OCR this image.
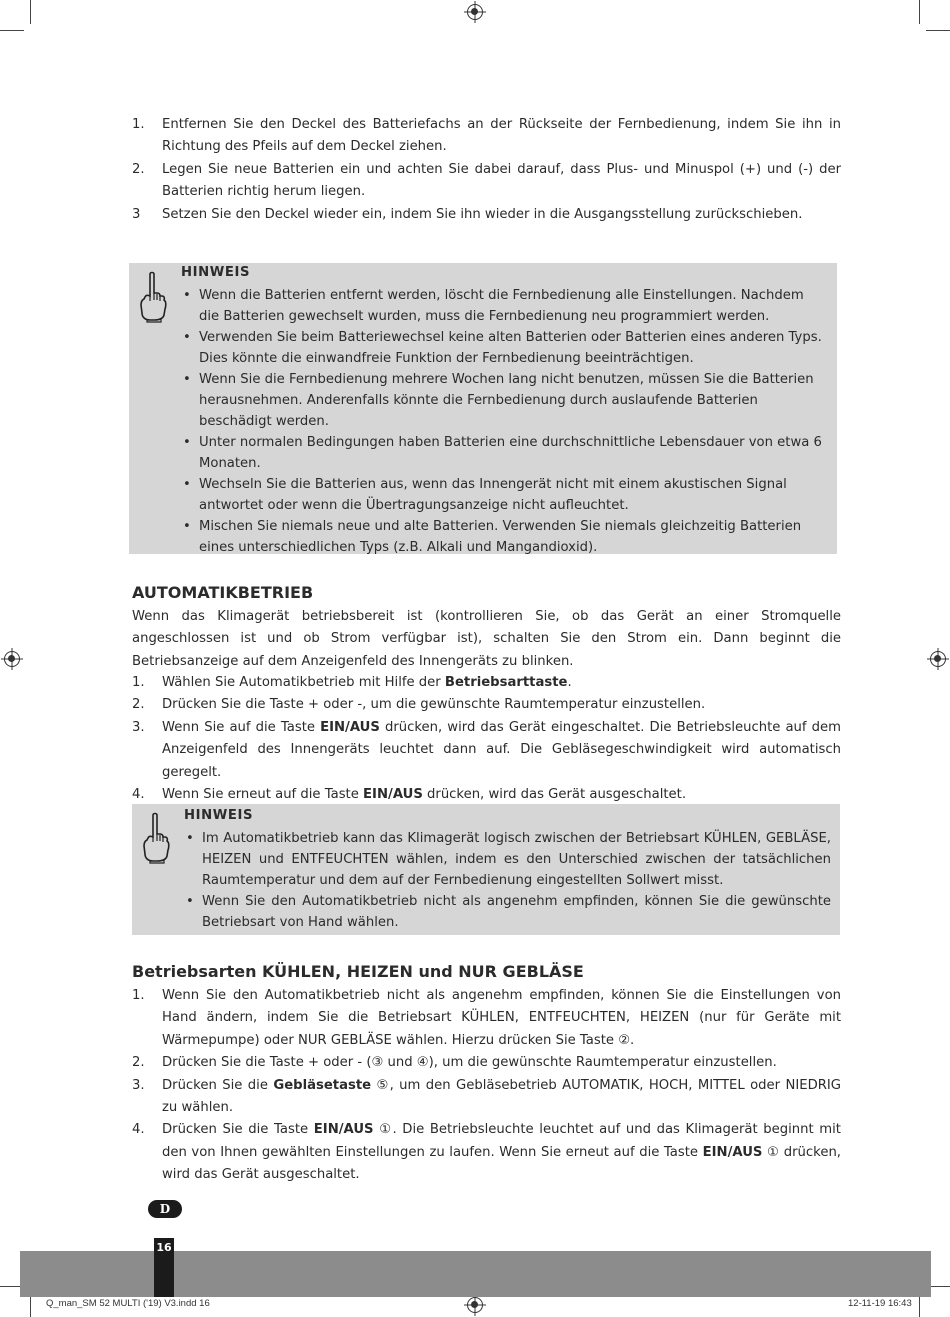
1.	Entfernen Sie den Deckel des Batteriefachs an der Rückseite der Fernbedienung, indem Sie ihn in Richtung des Pfeils auf dem Deckel ziehen.
2.	Legen Sie neue Batterien ein und achten Sie dabei darauf, dass Plus- und Minuspol (+) und (-) der Batterien richtig herum liegen.
3	Setzen Sie den Deckel wieder ein, indem Sie ihn wieder in die Ausgangsstellung zurückschieben.
HINWEIS
• Wenn die Batterien entfernt werden, löscht die Fernbedienung alle Einstellungen. Nachdem die Batterien gewechselt wurden, muss die Fernbedienung neu programmiert werden.
• Verwenden Sie beim Batteriewechsel keine alten Batterien oder Batterien eines anderen Typs. Dies könnte die einwandfreie Funktion der Fernbedienung beeinträchtigen.
• Wenn Sie die Fernbedienung mehrere Wochen lang nicht benutzen, müssen Sie die Batterien herausnehmen. Anderenfalls könnte die Fernbedienung durch auslaufende Batterien beschädigt werden.
• Unter normalen Bedingungen haben Batterien eine durchschnittliche Lebensdauer von etwa 6 Monaten.
• Wechseln Sie die Batterien aus, wenn das Innengerät nicht mit einem akustischen Signal antwortet oder wenn die Übertragungsanzeige nicht aufleuchtet.
• Mischen Sie niemals neue und alte Batterien. Verwenden Sie niemals gleichzeitig Batterien eines unterschiedlichen Typs (z.B. Alkali und Mangandioxid).
AUTOMATIKBETRIEB
Wenn das Klimagerät betriebsbereit ist (kontrollieren Sie, ob das Gerät an einer Stromquelle angeschlossen ist und ob Strom verfügbar ist), schalten Sie den Strom ein. Dann beginnt die Betriebsanzeige auf dem Anzeigenfeld des Innengeräts zu blinken.
1.	Wählen Sie Automatikbetrieb mit Hilfe der Betriebsarttaste.
2.	Drücken Sie die Taste + oder -, um die gewünschte Raumtemperatur einzustellen.
3.	Wenn Sie auf die Taste EIN/AUS drücken, wird das Gerät eingeschaltet. Die Betriebsleuchte auf dem Anzeigenfeld des Innengeräts leuchtet dann auf. Die Gebläsegeschwindigkeit wird automatisch geregelt.
4.	Wenn Sie erneut auf die Taste EIN/AUS drücken, wird das Gerät ausgeschaltet.
HINWEIS
• Im Automatikbetrieb kann das Klimagerät logisch zwischen der Betriebsart KÜHLEN, GEBLÄSE, HEIZEN und ENTFEUCHTEN wählen, indem es den Unterschied zwischen der tatsächlichen Raumtemperatur und dem auf der Fernbedienung eingestellten Sollwert misst.
• Wenn Sie den Automatikbetrieb nicht als angenehm empfinden, können Sie die gewünschte Betriebsart von Hand wählen.
Betriebsarten KÜHLEN, HEIZEN und NUR GEBLÄSE
1.	Wenn Sie den Automatikbetrieb nicht als angenehm empfinden, können Sie die Einstellungen von Hand ändern, indem Sie die Betriebsart KÜHLEN, ENTFEUCHTEN, HEIZEN (nur für Geräte mit Wärmepumpe) oder NUR GEBLÄSE wählen. Hierzu drücken Sie Taste ②.
2.	Drücken Sie die Taste + oder - (③ und ④), um die gewünschte Raumtemperatur einzustellen.
3.	Drücken Sie die Gebläsetaste ⑤, um den Gebläsebetrieb AUTOMATIK, HOCH, MITTEL oder NIEDRIG zu wählen.
4.	Drücken Sie die Taste EIN/AUS ①. Die Betriebsleuchte leuchtet auf und das Klimagerät beginnt mit den von Ihnen gewählten Einstellungen zu laufen. Wenn Sie erneut auf die Taste EIN/AUS ① drücken, wird das Gerät ausgeschaltet.
D
16
Q_man_SM 52 MULTI ('19) V3.indd 16	12-11-19 16:43
